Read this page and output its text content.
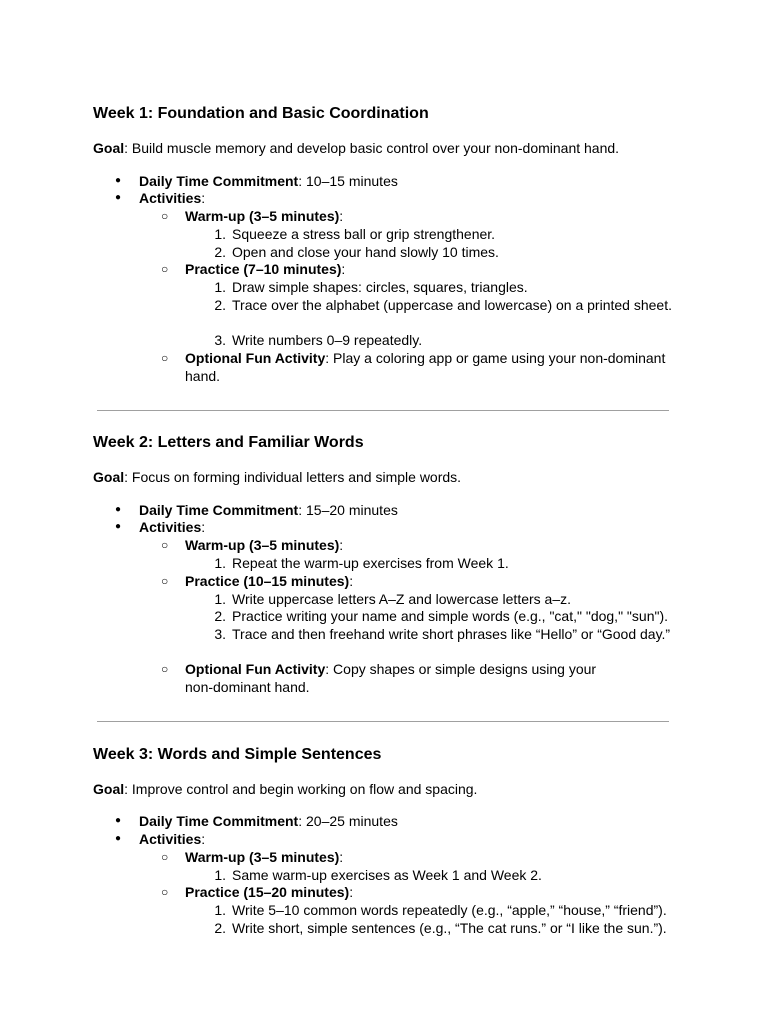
Week 1: Foundation and Basic Coordination
Goal: Build muscle memory and develop basic control over your non-dominant hand.
● Daily Time Commitment: 10–15 minutes
● Activities:
○ Warm-up (3–5 minutes):
1. Squeeze a stress ball or grip strengthener.
2. Open and close your hand slowly 10 times.
○ Practice (7–10 minutes):
1. Draw simple shapes: circles, squares, triangles.
2. Trace over the alphabet (uppercase and lowercase) on a printed sheet.
3. Write numbers 0–9 repeatedly.
○ Optional Fun Activity: Play a coloring app or game using your non-dominant hand.
Week 2: Letters and Familiar Words
Goal: Focus on forming individual letters and simple words.
● Daily Time Commitment: 15–20 minutes
● Activities:
○ Warm-up (3–5 minutes):
1. Repeat the warm-up exercises from Week 1.
○ Practice (10–15 minutes):
1. Write uppercase letters A–Z and lowercase letters a–z.
2. Practice writing your name and simple words (e.g., "cat," "dog," "sun").
3. Trace and then freehand write short phrases like “Hello” or “Good day.”
○ Optional Fun Activity: Copy shapes or simple designs using your non-dominant hand.
Week 3: Words and Simple Sentences
Goal: Improve control and begin working on flow and spacing.
● Daily Time Commitment: 20–25 minutes
● Activities:
○ Warm-up (3–5 minutes):
1. Same warm-up exercises as Week 1 and Week 2.
○ Practice (15–20 minutes):
1. Write 5–10 common words repeatedly (e.g., “apple,” “house,” “friend”).
2. Write short, simple sentences (e.g., “The cat runs.” or “I like the sun.”).
